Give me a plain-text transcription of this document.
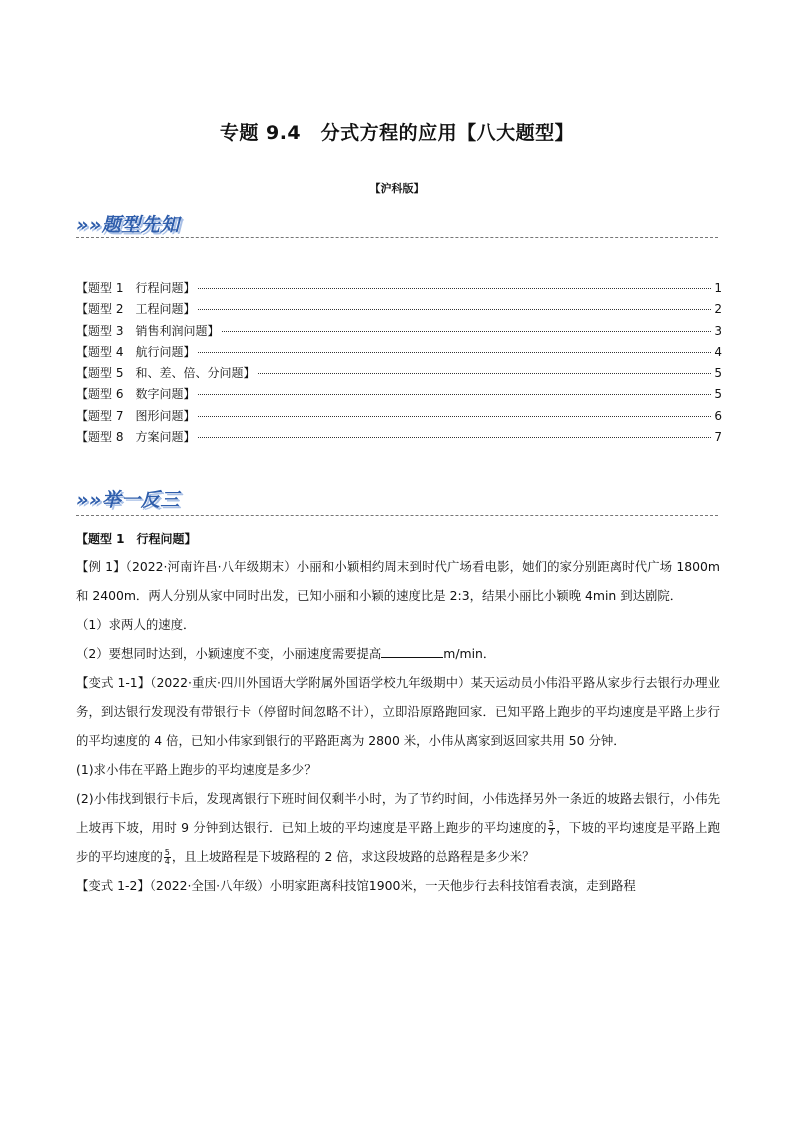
专题 9.4　分式方程的应用【八大题型】
【沪科版】
»»题型先知
【题型 1　行程问题】	1
【题型 2　工程问题】	2
【题型 3　销售利润问题】	3
【题型 4　航行问题】	4
【题型 5　和、差、倍、分问题】	5
【题型 6　数字问题】	5
【题型 7　图形问题】	6
【题型 8　方案问题】	7
»»举一反三
【题型 1　行程问题】

【例 1】（2022·河南许昌·八年级期末）小丽和小颖相约周末到时代广场看电影，她们的家分别距离时代广场 1800m 和 2400m．两人分别从家中同时出发，已知小丽和小颖的速度比是 2:3，结果小丽比小颖晚 4min 到达剧院．

（1）求两人的速度．

（2）要想同时达到，小颖速度不变，小丽速度需要提高	m/min．

【变式 1-1】（2022·重庆·四川外国语大学附属外国语学校九年级期中）某天运动员小伟沿平路从家步行去银行办理业务，到达银行发现没有带银行卡（停留时间忽略不计），立即沿原路跑回家．已知平路上跑步的平均速度是平路上步行的平均速度的 4 倍，已知小伟家到银行的平路距离为 2800 米，小伟从离家到返回家共用 50 分钟．

(1)求小伟在平路上跑步的平均速度是多少？

(2)小伟找到银行卡后，发现离银行下班时间仅剩半小时，为了节约时间，小伟选择另外一条近的坡路去银行，小伟先上坡再下坡，用时 9 分钟到达银行．已知上坡的平均速度是平路上跑步的平均速度的 $\frac{5}{7}$ ，下坡的平均速度是平路上跑步的平均速度的 $\frac{5}{4}$ ，且上坡路程是下坡路程的 2 倍，求这段坡路的总路程是多少米？

【变式 1-2】（2022·全国·八年级）小明家距离科技馆1900米，一天他步行去科技馆看表演，走到路程
